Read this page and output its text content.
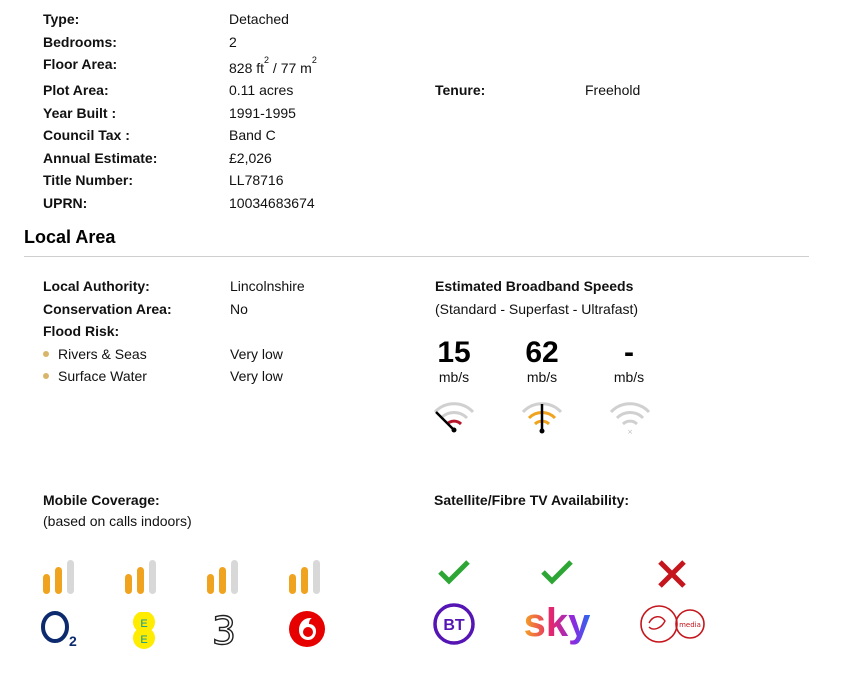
Type:	Detached
Bedrooms:	2
Floor Area:	828 $ft^2 / 77$ $m^2$
Plot Area:	0.11 acres	Tenure:	Freehold
Year Built :	1991-1995
Council Tax :	Band C
Annual Estimate:	£2,026
Title Number:	LL78716
UPRN:	10034683674
Local Area
Local Authority:	Lincolnshire
Conservation Area:	No
Flood Risk:
Rivers & Seas	Very low
Surface Water	Very low
Estimated Broadband Speeds
(Standard - Superfast - Ultrafast)
15
mb/s
62
mb/s
-
mb/s
×
Mobile Coverage:
(based on calls indoors)
2
E
E 3
Satellite/Fibre TV Availability:
BT sky	media
